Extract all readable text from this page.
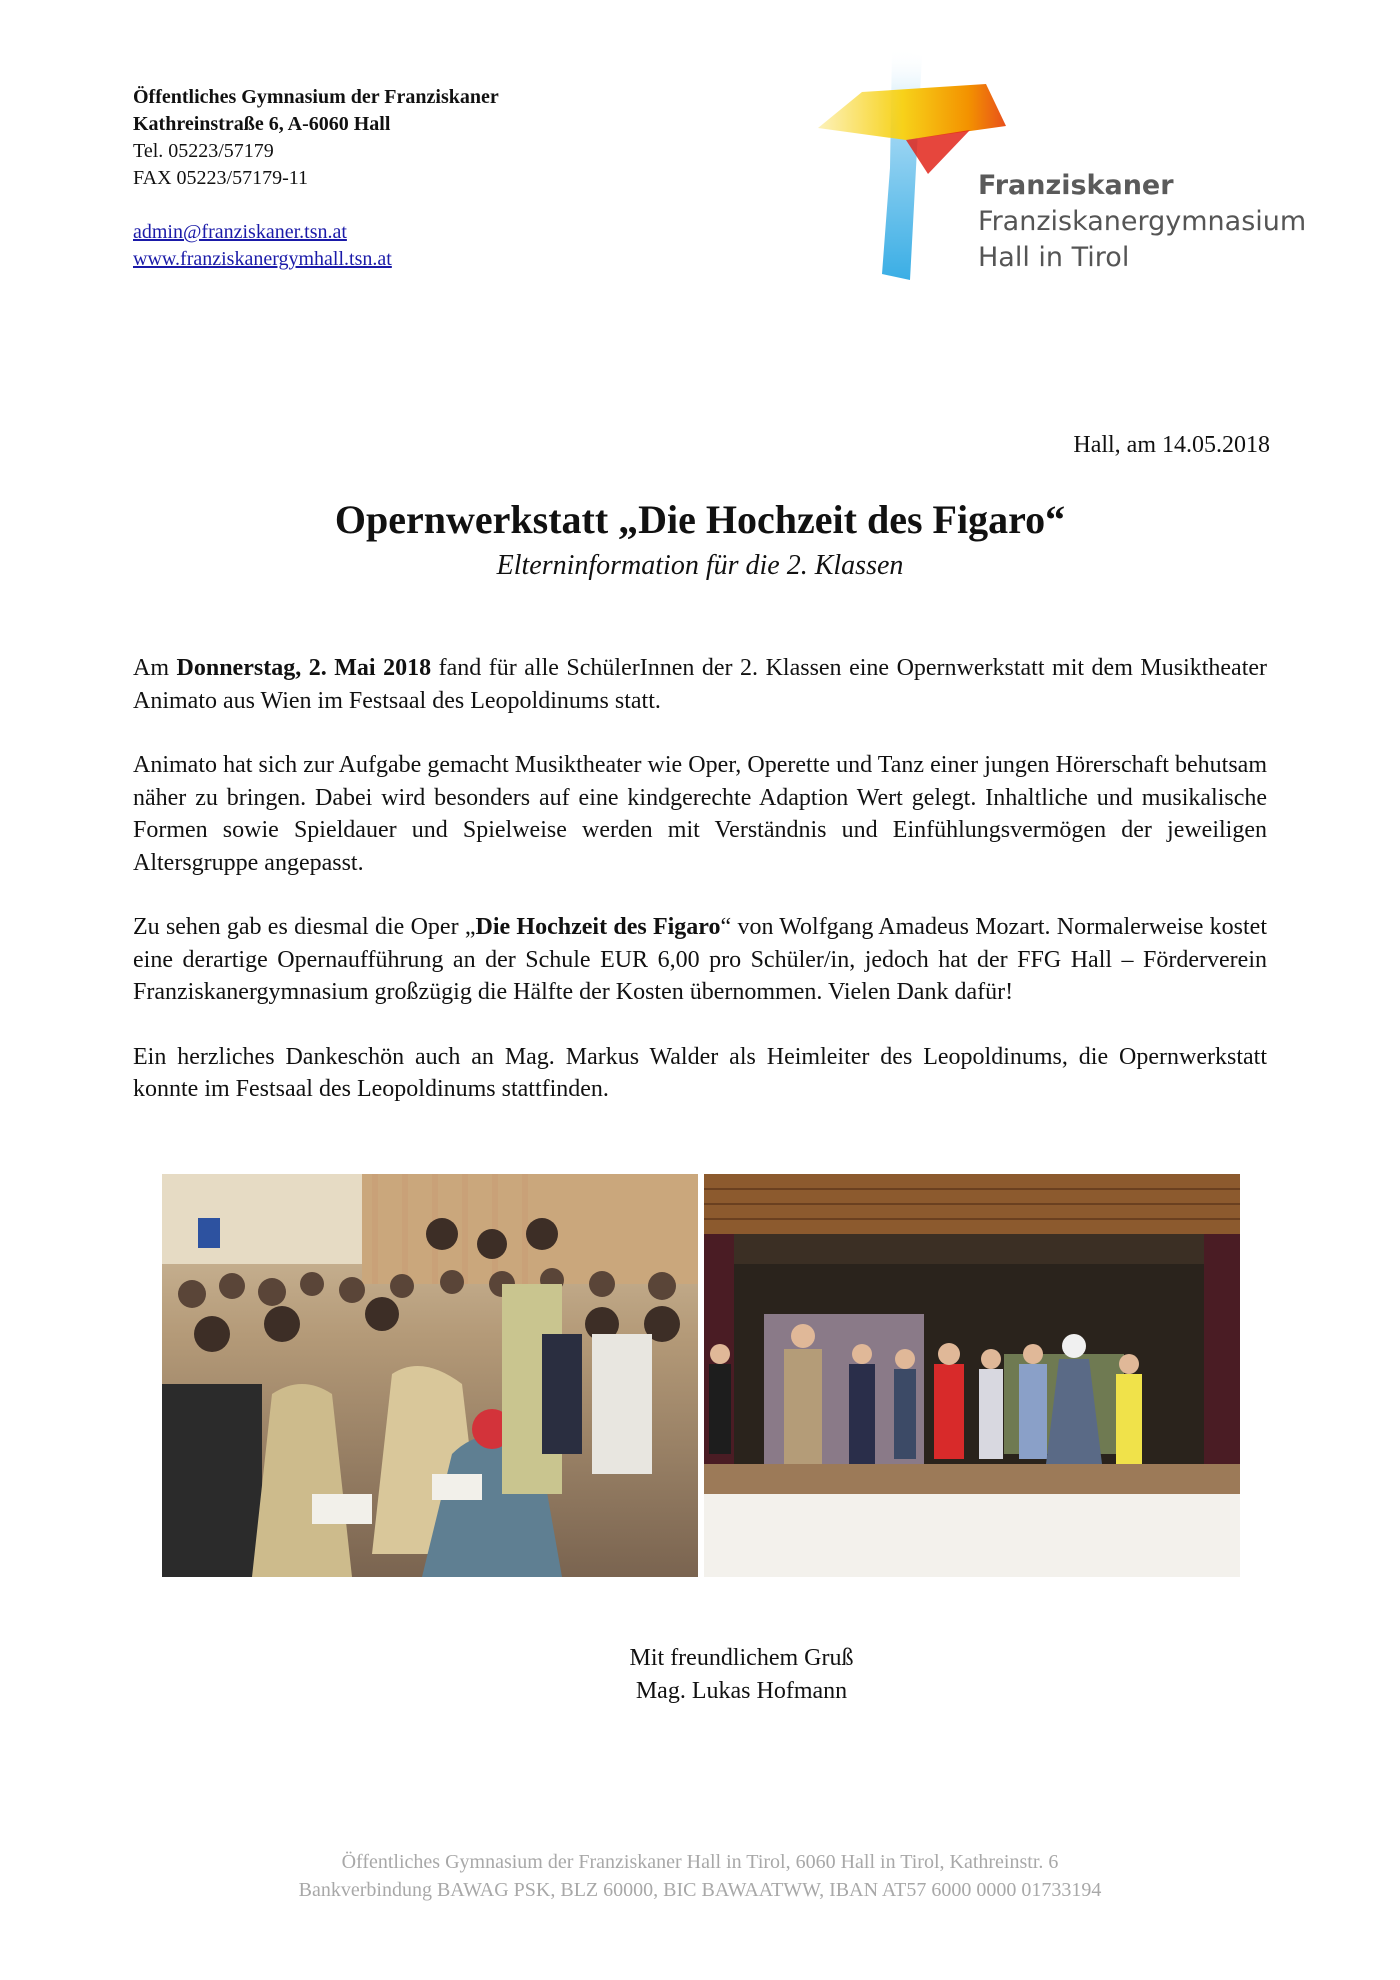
Öffentliches Gymnasium der Franziskaner
Kathreinstraße 6, A-6060 Hall
Tel. 05223/57179
FAX 05223/57179-11
admin@franziskaner.tsn.at
www.franziskanergymhall.tsn.at
Franziskaner
Franziskanergymnasium
Hall in Tirol
Hall, am 14.05.2018
Opernwerkstatt „Die Hochzeit des Figaro“
Elterninformation für die 2. Klassen

Am Donnerstag, 2. Mai 2018 fand für alle SchülerInnen der 2. Klassen eine Opernwerkstatt mit dem Musiktheater Animato aus Wien im Festsaal des Leopoldinums statt.

Animato hat sich zur Aufgabe gemacht Musiktheater wie Oper, Operette und Tanz einer jungen Hörerschaft behutsam näher zu bringen. Dabei wird besonders auf eine kindgerechte Adaption Wert gelegt. Inhaltliche und musikalische Formen sowie Spieldauer und Spielweise werden mit Verständnis und Einfühlungsvermögen der jeweiligen Altersgruppe angepasst.

Zu sehen gab es diesmal die Oper „Die Hochzeit des Figaro“ von Wolfgang Amadeus Mozart. Normalerweise kostet eine derartige Opernaufführung an der Schule EUR 6,00 pro Schüler/in, jedoch hat der FFG Hall – Förderverein Franziskanergymnasium großzügig die Hälfte der Kosten übernommen. Vielen Dank dafür!

Ein herzliches Dankeschön auch an Mag. Markus Walder als Heimleiter des Leopoldinums, die Opernwerkstatt konnte im Festsaal des Leopoldinums stattfinden.

Mit freundlichem Gruß
Mag. Lukas Hofmann
Öffentliches Gymnasium der Franziskaner Hall in Tirol, 6060 Hall in Tirol, Kathreinstr. 6
Bankverbindung BAWAG PSK, BLZ 60000, BIC BAWAATWW, IBAN AT57 6000 0000 01733194
